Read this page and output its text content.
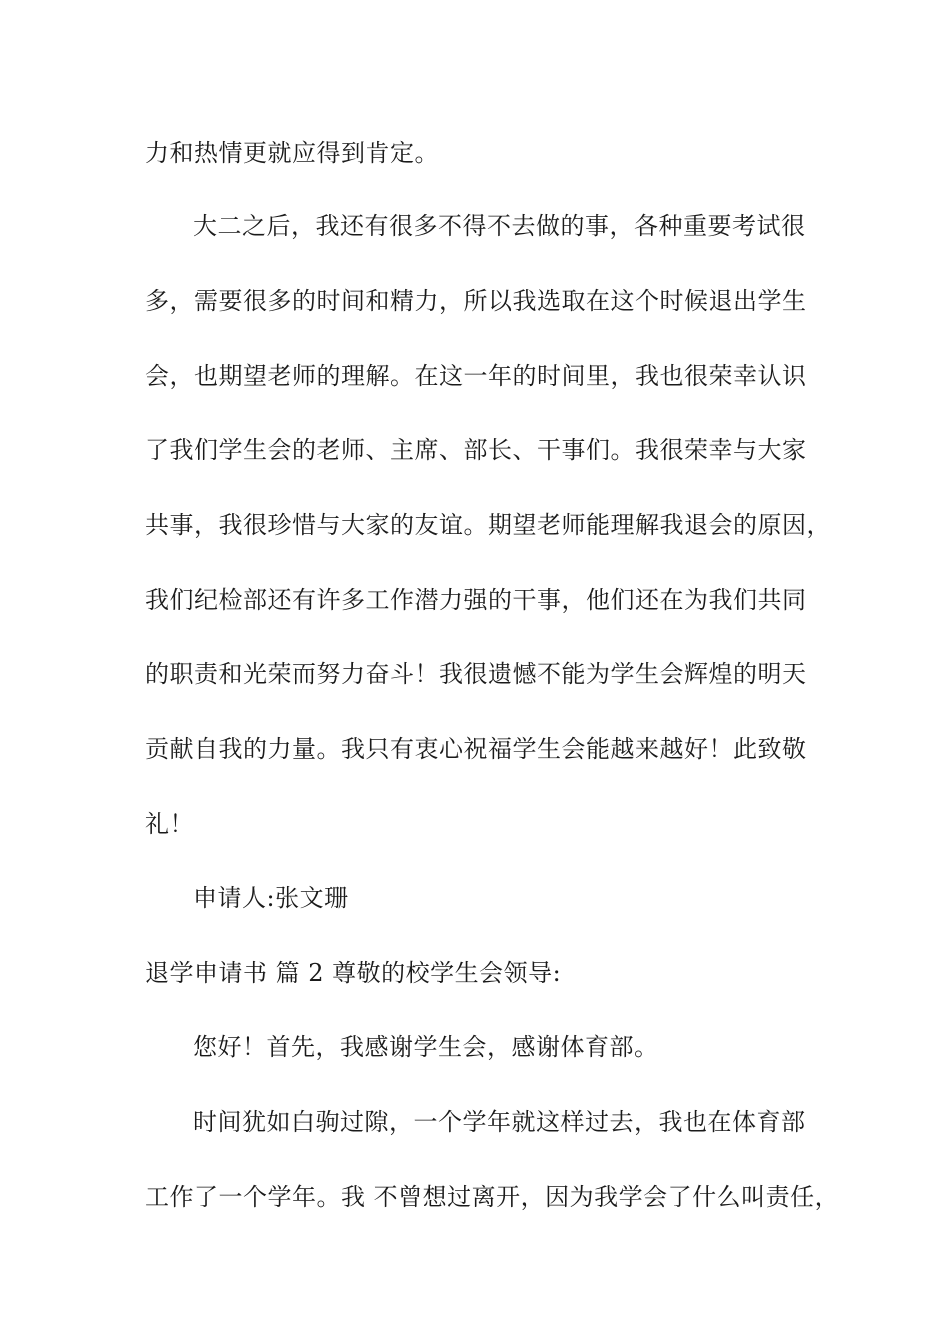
力和热情更就应得到肯定。
大二之后，我还有很多不得不去做的事，各种重要考试很
多，需要很多的时间和精力，所以我选取在这个时候退出学生
会，也期望老师的理解。在这一年的时间里，我也很荣幸认识
了我们学生会的老师、主席、部长、干事们。我很荣幸与大家
共事，我很珍惜与大家的友谊。期望老师能理解我退会的原因，
我们纪检部还有许多工作潜力强的干事，他们还在为我们共同
的职责和光荣而努力奋斗！我很遗憾不能为学生会辉煌的明天
贡献自我的力量。我只有衷心祝福学生会能越来越好！此致敬
礼！
申请人:张文珊
退学申请书 篇 2 尊敬的校学生会领导:
您好！首先，我感谢学生会，感谢体育部。
时间犹如白驹过隙，一个学年就这样过去，我也在体育部
工作了一个学年。我 不曾想过离开，因为我学会了什么叫责任，
